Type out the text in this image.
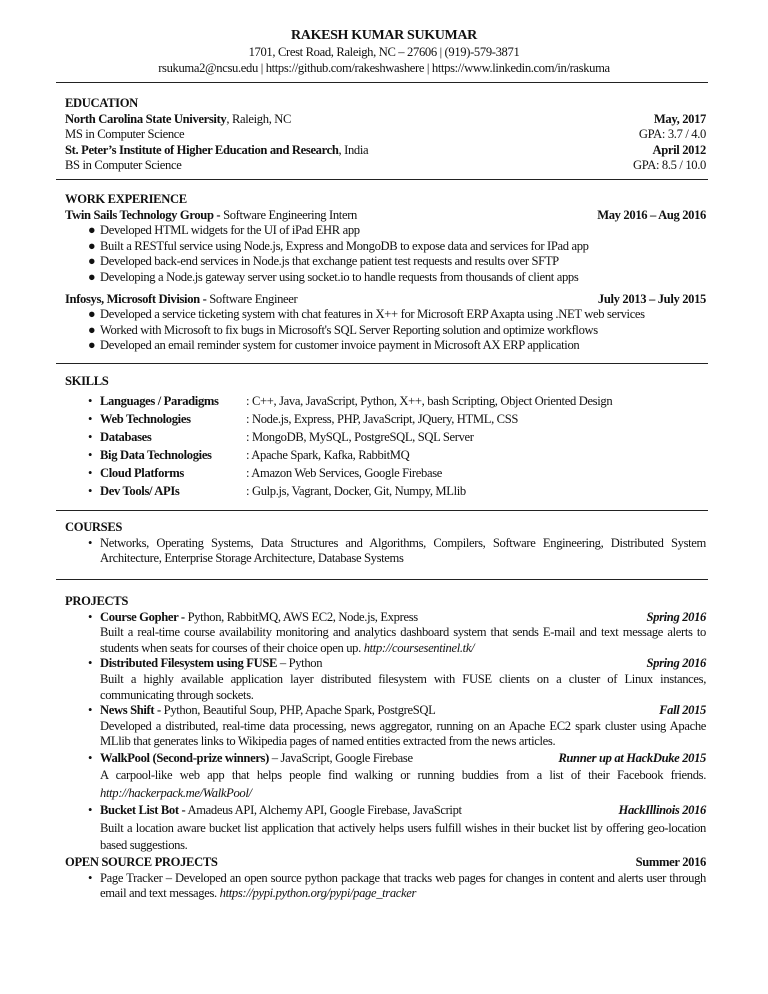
RAKESH KUMAR SUKUMAR
1701, Crest Road, Raleigh, NC – 27606 | (919)-579-3871
rsukuma2@ncsu.edu | https://github.com/rakeshwashere | https://www.linkedin.com/in/raskuma
EDUCATION
North Carolina State University, Raleigh, NC	May, 2017
MS in Computer Science	GPA: 3.7 / 4.0
St. Peter’s Institute of Higher Education and Research, India	April 2012
BS in Computer Science	GPA: 8.5 / 10.0
WORK EXPERIENCE
Twin Sails Technology Group - Software Engineering Intern	May 2016 – Aug 2016
● Developed HTML widgets for the UI of iPad EHR app
● Built a RESTful service using Node.js, Express and MongoDB to expose data and services for IPad app
● Developed back-end services in Node.js that exchange patient test requests and results over SFTP
● Developing a Node.js gateway server using socket.io to handle requests from thousands of client apps
Infosys, Microsoft Division - Software Engineer	July 2013 – July 2015
● Developed a service ticketing system with chat features in X++ for Microsoft ERP Axapta using .NET web services
● Worked with Microsoft to fix bugs in Microsoft's SQL Server Reporting solution and optimize workflows
● Developed an email reminder system for customer invoice payment in Microsoft AX ERP application
SKILLS
• Languages / Paradigms : C++, Java, JavaScript, Python, X++, bash Scripting, Object Oriented Design
• Web Technologies	: Node.js, Express, PHP, JavaScript, JQuery, HTML, CSS
• Databases	: MongoDB, MySQL, PostgreSQL, SQL Server
• Big Data Technologies	: Apache Spark, Kafka, RabbitMQ
• Cloud Platforms	: Amazon Web Services, Google Firebase
• Dev Tools/ APIs	: Gulp.js, Vagrant, Docker, Git, Numpy, MLlib
COURSES
• Networks, Operating Systems, Data Structures and Algorithms, Compilers, Software Engineering, Distributed System Architecture, Enterprise Storage Architecture, Database Systems
PROJECTS
• Course Gopher - Python, RabbitMQ, AWS EC2, Node.js, Express	Spring 2016
Built a real-time course availability monitoring and analytics dashboard system that sends E-mail and text message alerts to students when seats for courses of their choice open up. http://coursesentinel.tk/
• Distributed Filesystem using FUSE – Python	Spring 2016
Built a highly available application layer distributed filesystem with FUSE clients on a cluster of Linux instances, communicating through sockets.
• News Shift - Python, Beautiful Soup, PHP, Apache Spark, PostgreSQL	Fall 2015
Developed a distributed, real-time data processing, news aggregator, running on an Apache EC2 spark cluster using Apache MLlib that generates links to Wikipedia pages of named entities extracted from the news articles.
• WalkPool (Second-prize winners) – JavaScript, Google Firebase	Runner up at HackDuke 2015
A carpool-like web app that helps people find walking or running buddies from a list of their Facebook friends. http://hackerpack.me/WalkPool/
• Bucket List Bot - Amadeus API, Alchemy API, Google Firebase, JavaScript	HackIllinois 2016
Built a location aware bucket list application that actively helps users fulfill wishes in their bucket list by offering geo-location based suggestions.
OPEN SOURCE PROJECTS	Summer 2016
• Page Tracker – Developed an open source python package that tracks web pages for changes in content and alerts user through email and text messages. https://pypi.python.org/pypi/page_tracker
